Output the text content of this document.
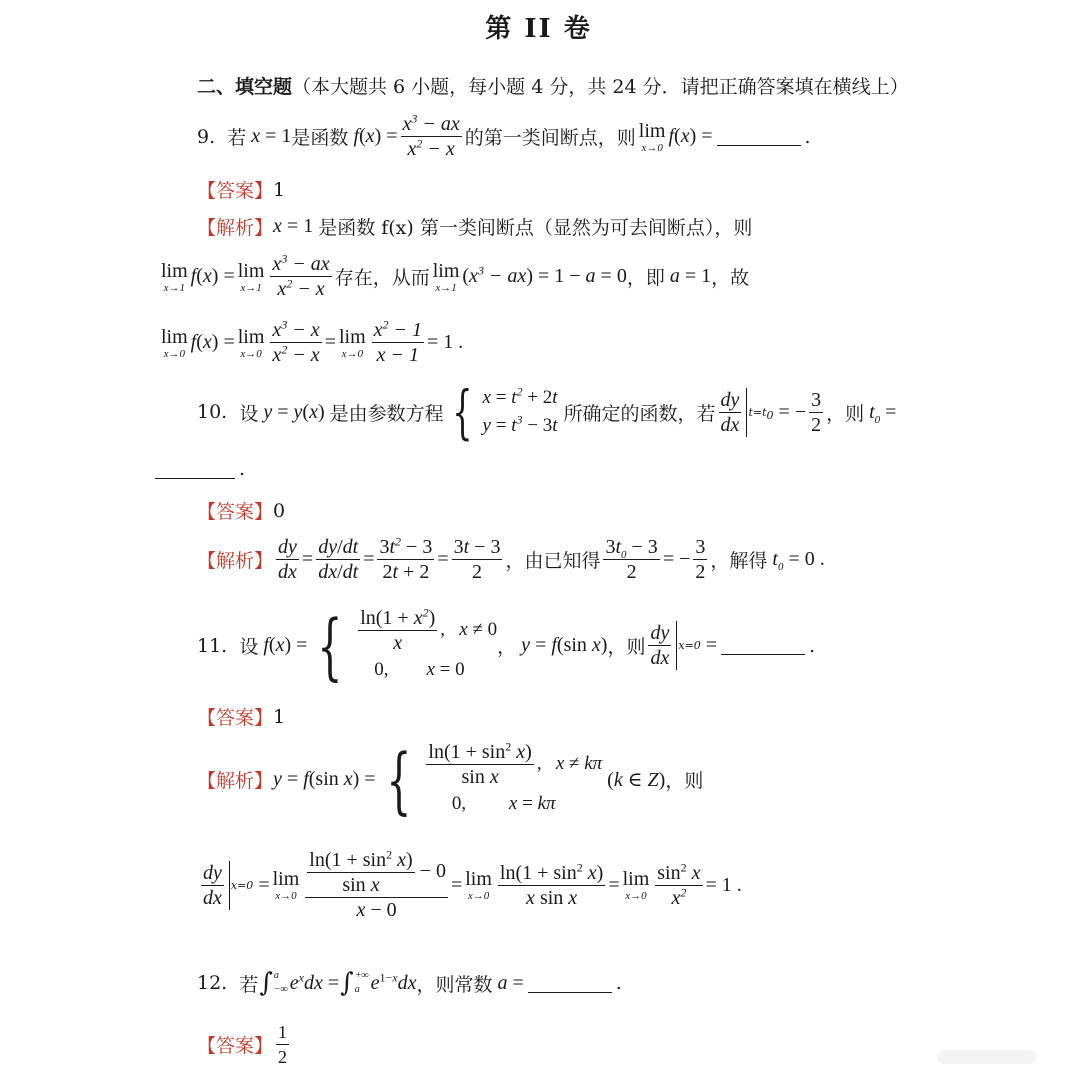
第 II 卷
二、填空题（本大题共 6 小题，每小题 4 分，共 24 分．请把正确答案填在横线上）
9.
若 x = 1 是函数 $f(x) = \frac{x^3 - ax}{x^2 - x}$ 的第一类间断点，则 lim
x→0
f(x) =	.
【答案】 1
【解析】 x = 1 是函数 f(x) 第一类间断点（显然为可去间断点），则
lim
x→1
f(x) = lim
$x\to 1 \frac{x^3 - ax}{x^2 - x}$ 存在，从而 lim
x→1
$(x^3 - ax) = 1 - a = 0$ ，即 a = 1 ，故
lim
x→0
f(x) = lim
$x\to 0 \frac{x^3 - x}{x^2 - x} = \lim$
$x\to 0 \frac{x^2 - 1}{x - 1} = 1$ .
10.
设 y = y(x) 是由参数方程 { $x = t^2 + 2t$
$y = t^3 - 3t$

所确定的函数，若 $\frac{dy}{dx} t=t_0$ = − $\frac{3}{2}$ ，则 $t_0$ =
.
【答案】 0
【解析】 $\frac{dy}{dx} = \frac{dy/dt}{dx/dt} = \frac{3t^2 - 3}{2t + 2} = \frac{3t - 3}{2}$ ，由已知得 $\frac{3t_0 - 3}{2}$ = − $\frac{3}{2}$ ，解得 $t_0 = 0$ .
11.
设 f(x) = { $\frac{\ln(1 + x^2)}{x}$ ,   x ≠ 0
0,        x = 0
， y = f(sin x) ，则 $\frac{dy}{dx} x=0$ =	.
【答案】 1
【解析】 y = f(sin x) = { $\frac{\ln(1 + \sin^2 x)}{\text{sin x}}$ ,   x ≠ kπ
0,         x = kπ
(k ∈ Z) ，则
$\frac{dy}{dx} x=0 = \lim$
$x\to 0 \frac{\frac{\ln(1 + \sin^2 x)}{\text{sin x}} - 0}{x - 0} = \lim$
$x\to 0 \frac{\ln(1 + \sin^2 x)}{\text{x sin x}} = \lim$
$x\to 0 \frac{\sin^2 x}{x^2} = 1$ .
12.
若 ∫ a
−∞ $e^xdx$ = ∫ +∞
a $e^{1-x}dx$ ，则常数 a =	.
【答案】 $\frac{1}{2}$
